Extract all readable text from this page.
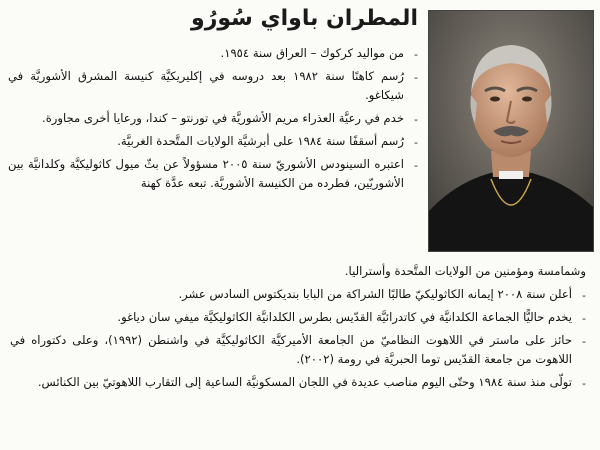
المطران باواي سُورُو
-
من مواليد كركوك – العراق سنة ١٩٥٤.
-
رُسم كاهنًا سنة ١٩٨٢ بعد دروسه في إكليريكيَّة كنيسة المشرق الأشوريَّة في شيكاغو.
-
خدم في رعيَّة العذراء مريم الأشوريَّة في تورنتو – كندا، ورعايا أخرى مجاورة.
-
رُسم أسقفًا سنة ١٩٨٤ على أبرشيَّة الولايات المتَّحدة الغربيَّة.
-
اعتبره السينودس الأشوريّ سنة ٢٠٠٥ مسؤولاً عن بثّ ميول كاثوليكيَّة وكلدانيَّة بين الأشوريّين، فطرده من الكنيسة الأشوريَّة. تبعه عدَّة كهنة
وشمامسة ومؤمنين من الولايات المتَّحدة وأستراليا.
-
أعلن سنة ٢٠٠٨ إيمانه الكاثوليكيّ طالبًا الشراكة من البابا بنديكتوس السادس عشر.
-
يخدم حاليًّا الجماعة الكلدانيَّة في كاتدرائيَّة القدّيس بطرس الكلدانيَّة الكاثوليكيَّة ميفي سان دياغو.
-
حائز على ماستر في اللاهوت النظاميّ من الجامعة الأميركيَّة الكاثوليكيَّة في واشنطن (١٩٩٢)، وعلى دكتوراه في اللاهوت من جامعة القدّيس توما الحبريَّة في رومة (٢٠٠٢).
-
تولّى منذ سنة ١٩٨٤ وحتّى اليوم مناصب عديدة في اللجان المسكونيَّة الساعية إلى التقارب اللاهوتيّ بين الكنائس.
